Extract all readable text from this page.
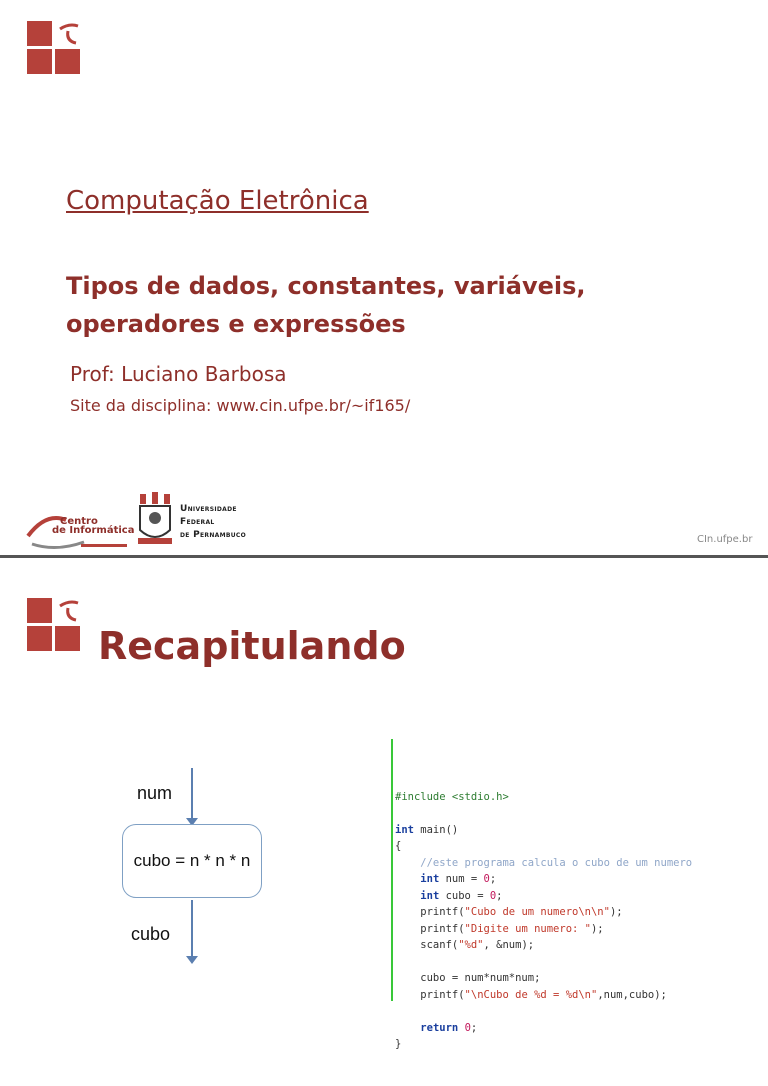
Computação Eletrônica
Tipos de dados, constantes, variáveis,
operadores e expressões
Prof: Luciano Barbosa
Site da disciplina: www.cin.ufpe.br/~if165/
Centro
de Informática
Universidade
Federal
de Pernambuco	CIn.ufpe.br
Recapitulando
num
cubo = n * n * n
cubo

#include <stdio.h>

int main()
{
//este programa calcula o cubo de um numero
int num = 0;
int cubo = 0;
printf("Cubo de um numero\n\n");
printf("Digite um numero: ");
scanf("%d", &num);

cubo = num*num*num;
printf("\nCubo de %d = %d\n",num,cubo);

return 0;
}
